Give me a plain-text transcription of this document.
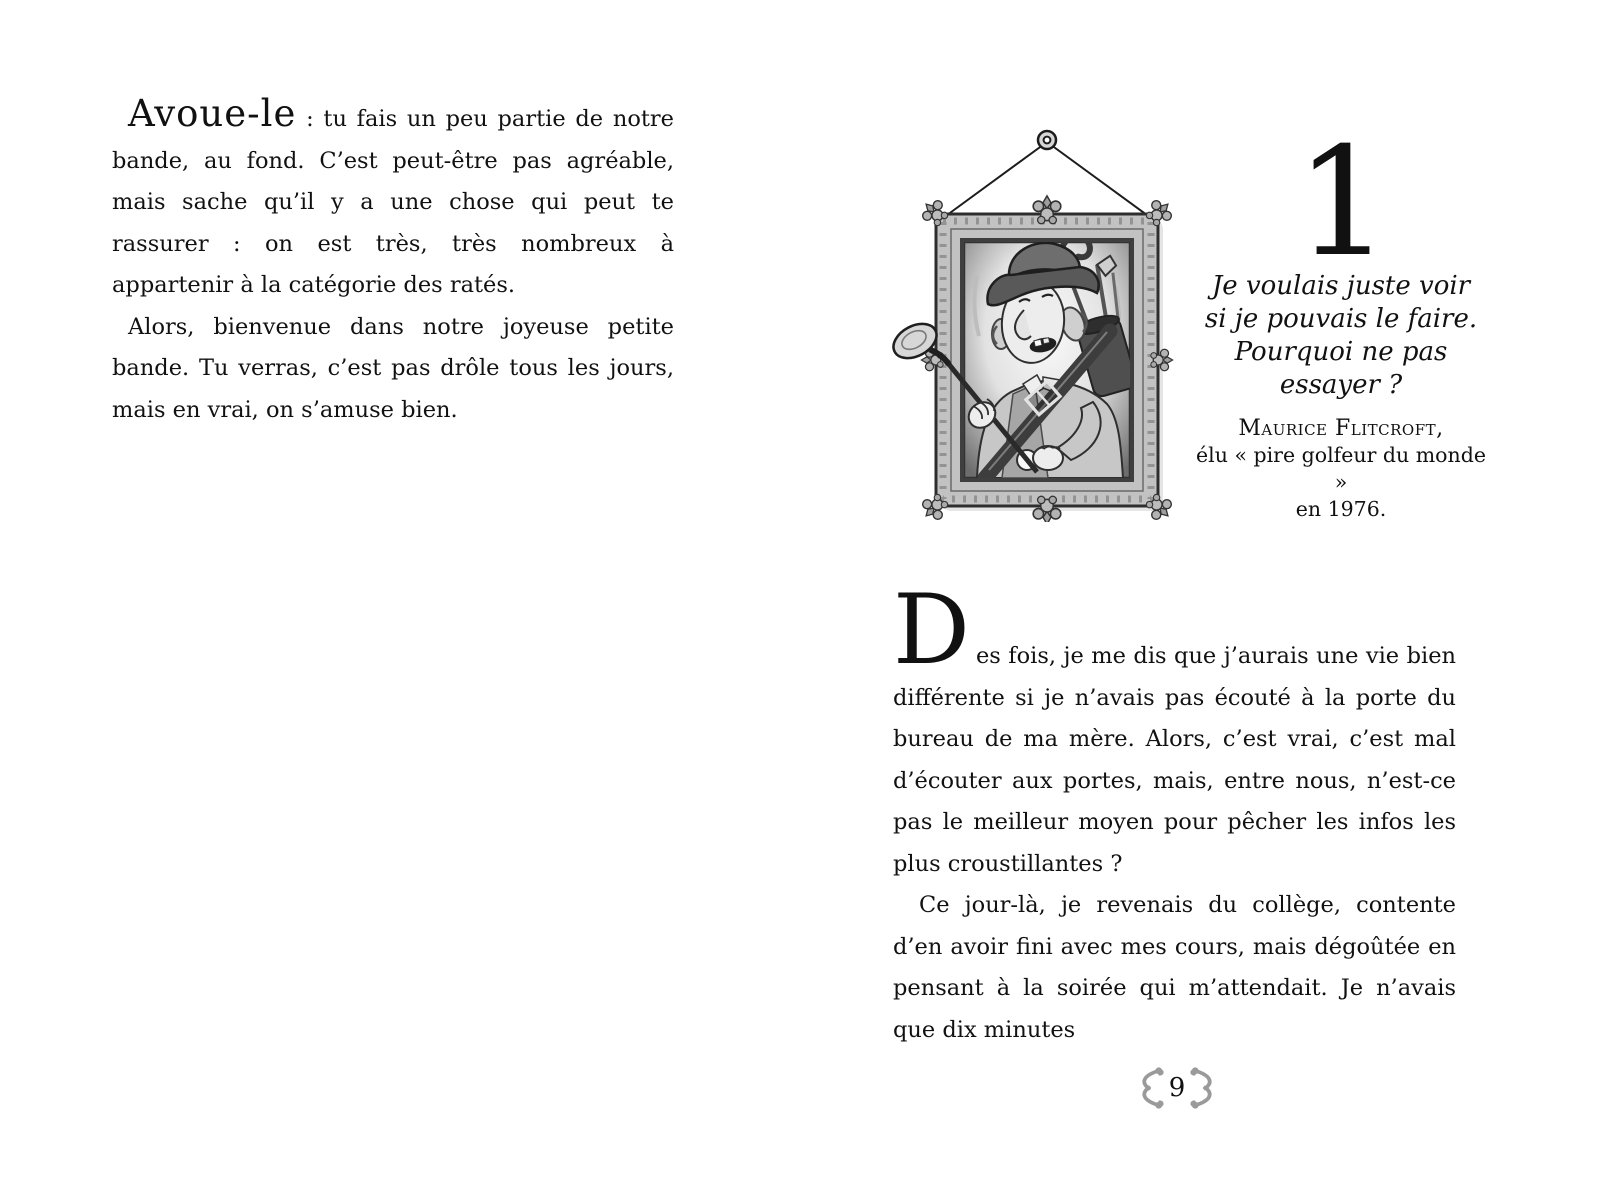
Avoue-le : tu fais un peu partie de notre bande, au fond. C’est peut-être pas agréable, mais sache qu’il y a une chose qui peut te rassurer : on est très, très nombreux à appartenir à la catégorie des ratés.

Alors, bienvenue dans notre joyeuse petite bande. Tu verras, c’est pas drôle tous les jours, mais en vrai, on s’amuse bien.

1
Je voulais juste voir
si je pouvais le faire.
Pourquoi ne pas essayer ?
Maurice Flitcroft,
élu « pire golfeur du monde »
en 1976.

Des fois, je me dis que j’aurais une vie bien différente si je n’avais pas écouté à la porte du bureau de ma mère. Alors, c’est vrai, c’est mal d’écouter aux portes, mais, entre nous, n’est-ce pas le meilleur moyen pour pêcher les infos les plus croustillantes ?

Ce jour-là, je revenais du collège, contente d’en avoir fini avec mes cours, mais dégoûtée en pensant à la soirée qui m’attendait. Je n’avais que dix minutes

9
